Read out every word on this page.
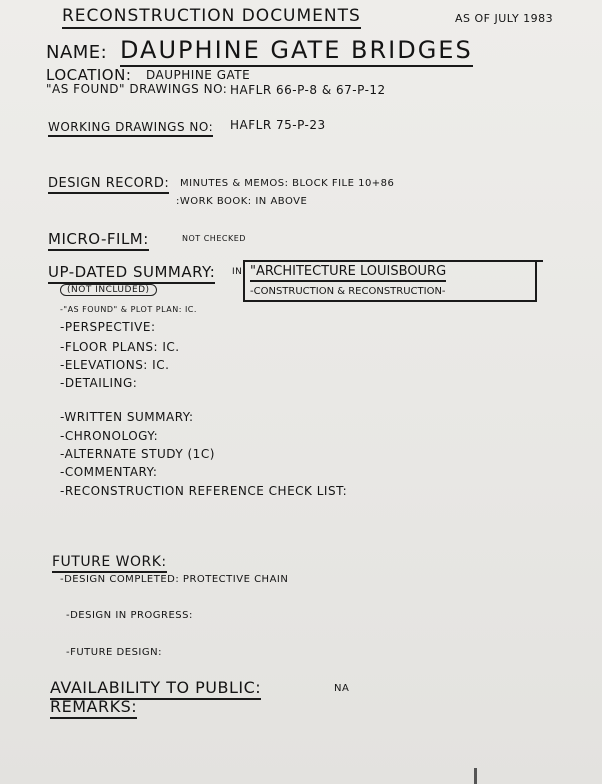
RECONSTRUCTION DOCUMENTS	AS OF JULY 1983
NAME: DAUPHINE GATE BRIDGES
LOCATION: DAUPHINE GATE
"AS FOUND" DRAWINGS NO: HAFLR 66-P-8 & 67-P-12
WORKING DRAWINGS NO: HAFLR 75-P-23
DESIGN RECORD: MINUTES & MEMOS: BLOCK FILE 10+86
:WORK BOOK: IN ABOVE
MICRO-FILM:	NOT CHECKED
UP-DATED SUMMARY: IN
(NOT INCLUDED)
"ARCHITECTURE LOUISBOURG
-CONSTRUCTION & RECONSTRUCTION-
-"AS FOUND" & PLOT PLAN: IC.
-PERSPECTIVE:
-FLOOR PLANS: IC.
-ELEVATIONS: IC.
-DETAILING:
-WRITTEN SUMMARY:
-CHRONOLOGY:
-ALTERNATE STUDY (1C)
-COMMENTARY:
-RECONSTRUCTION REFERENCE CHECK LIST:
FUTURE WORK:
-DESIGN COMPLETED: PROTECTIVE CHAIN
-DESIGN IN PROGRESS:
-FUTURE DESIGN:
AVAILABILITY TO PUBLIC:	NA
REMARKS:
